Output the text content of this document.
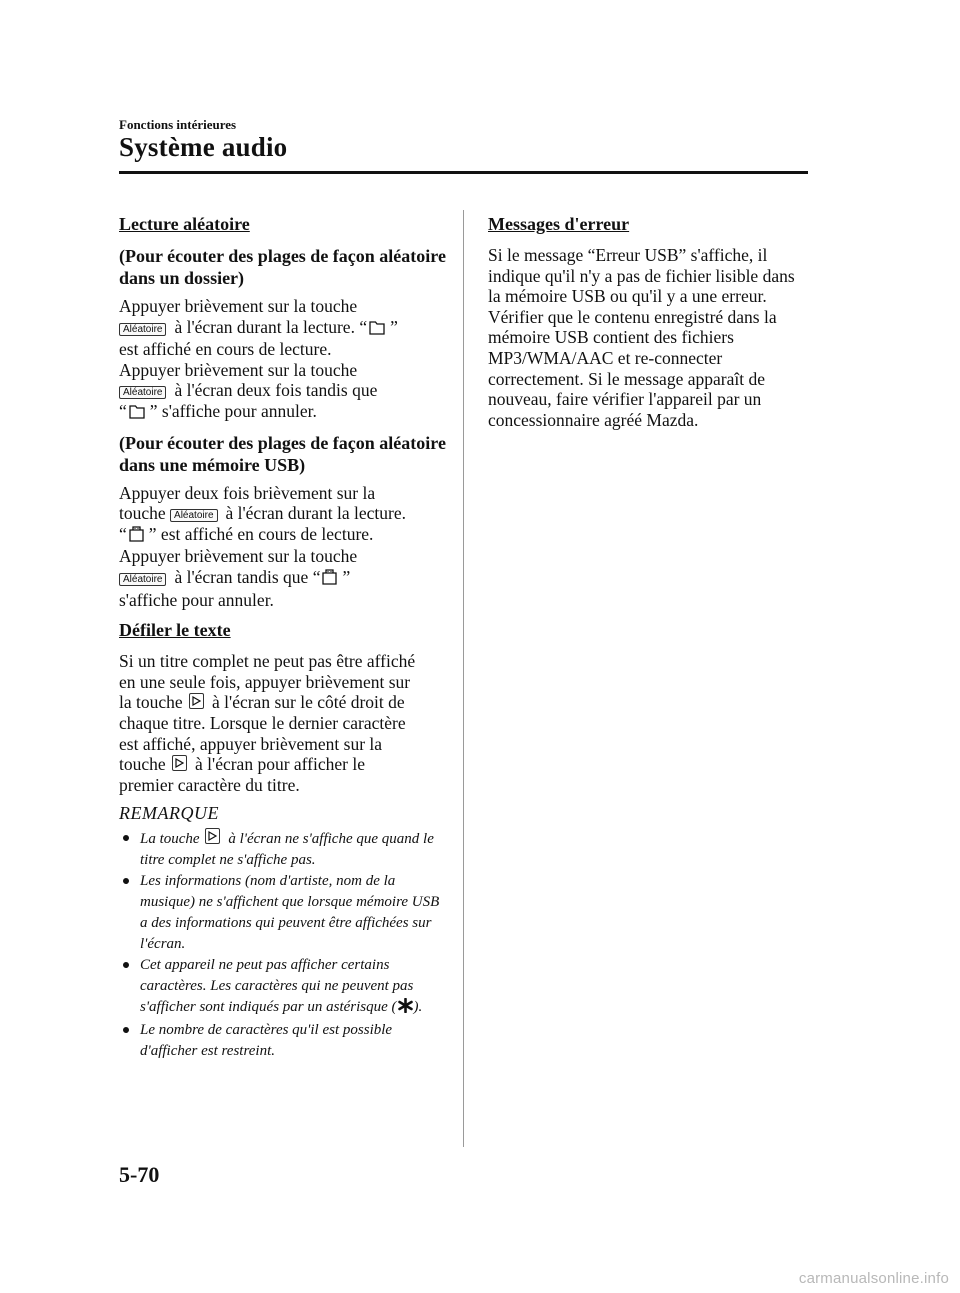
Fonctions intérieures
Système audio
Lecture aléatoire
(Pour écouter des plages de façon aléatoire dans un dossier)
Appuyer brièvement sur la touche
Aléatoire à l'écran durant la lecture. “ ”
est affiché en cours de lecture.
Appuyer brièvement sur la touche
Aléatoire à l'écran deux fois tandis que
“ ” s'affiche pour annuler.
(Pour écouter des plages de façon aléatoire dans une mémoire USB)
Appuyer deux fois brièvement sur la
touche Aléatoire à l'écran durant la lecture.
“ ” est affiché en cours de lecture.
Appuyer brièvement sur la touche
Aléatoire à l'écran tandis que “ ”
s'affiche pour annuler.
Défiler le texte
Si un titre complet ne peut pas être affiché
en une seule fois, appuyer brièvement sur
la touche à l'écran sur le côté droit de
chaque titre. Lorsque le dernier caractère
est affiché, appuyer brièvement sur la
touche à l'écran pour afficher le
premier caractère du titre.
REMARQUE
La touche à l'écran ne s'affiche que quand le titre complet ne s'affiche pas.
Les informations (nom d'artiste, nom de la musique) ne s'affichent que lorsque mémoire USB a des informations qui peuvent être affichées sur l'écran.
Cet appareil ne peut pas afficher certains caractères. Les caractères qui ne peuvent pas s'afficher sont indiqués par un astérisque ( ).
Le nombre de caractères qu'il est possible d'afficher est restreint.
Messages d'erreur
Si le message “Erreur USB” s'affiche, il indique qu'il n'y a pas de fichier lisible dans la mémoire USB ou qu'il y a une erreur. Vérifier que le contenu enregistré dans la mémoire USB contient des fichiers MP3/WMA/AAC et re-connecter correctement. Si le message apparaît de nouveau, faire vérifier l'appareil par un concessionnaire agréé Mazda.
5-70
carmanualsonline.info
